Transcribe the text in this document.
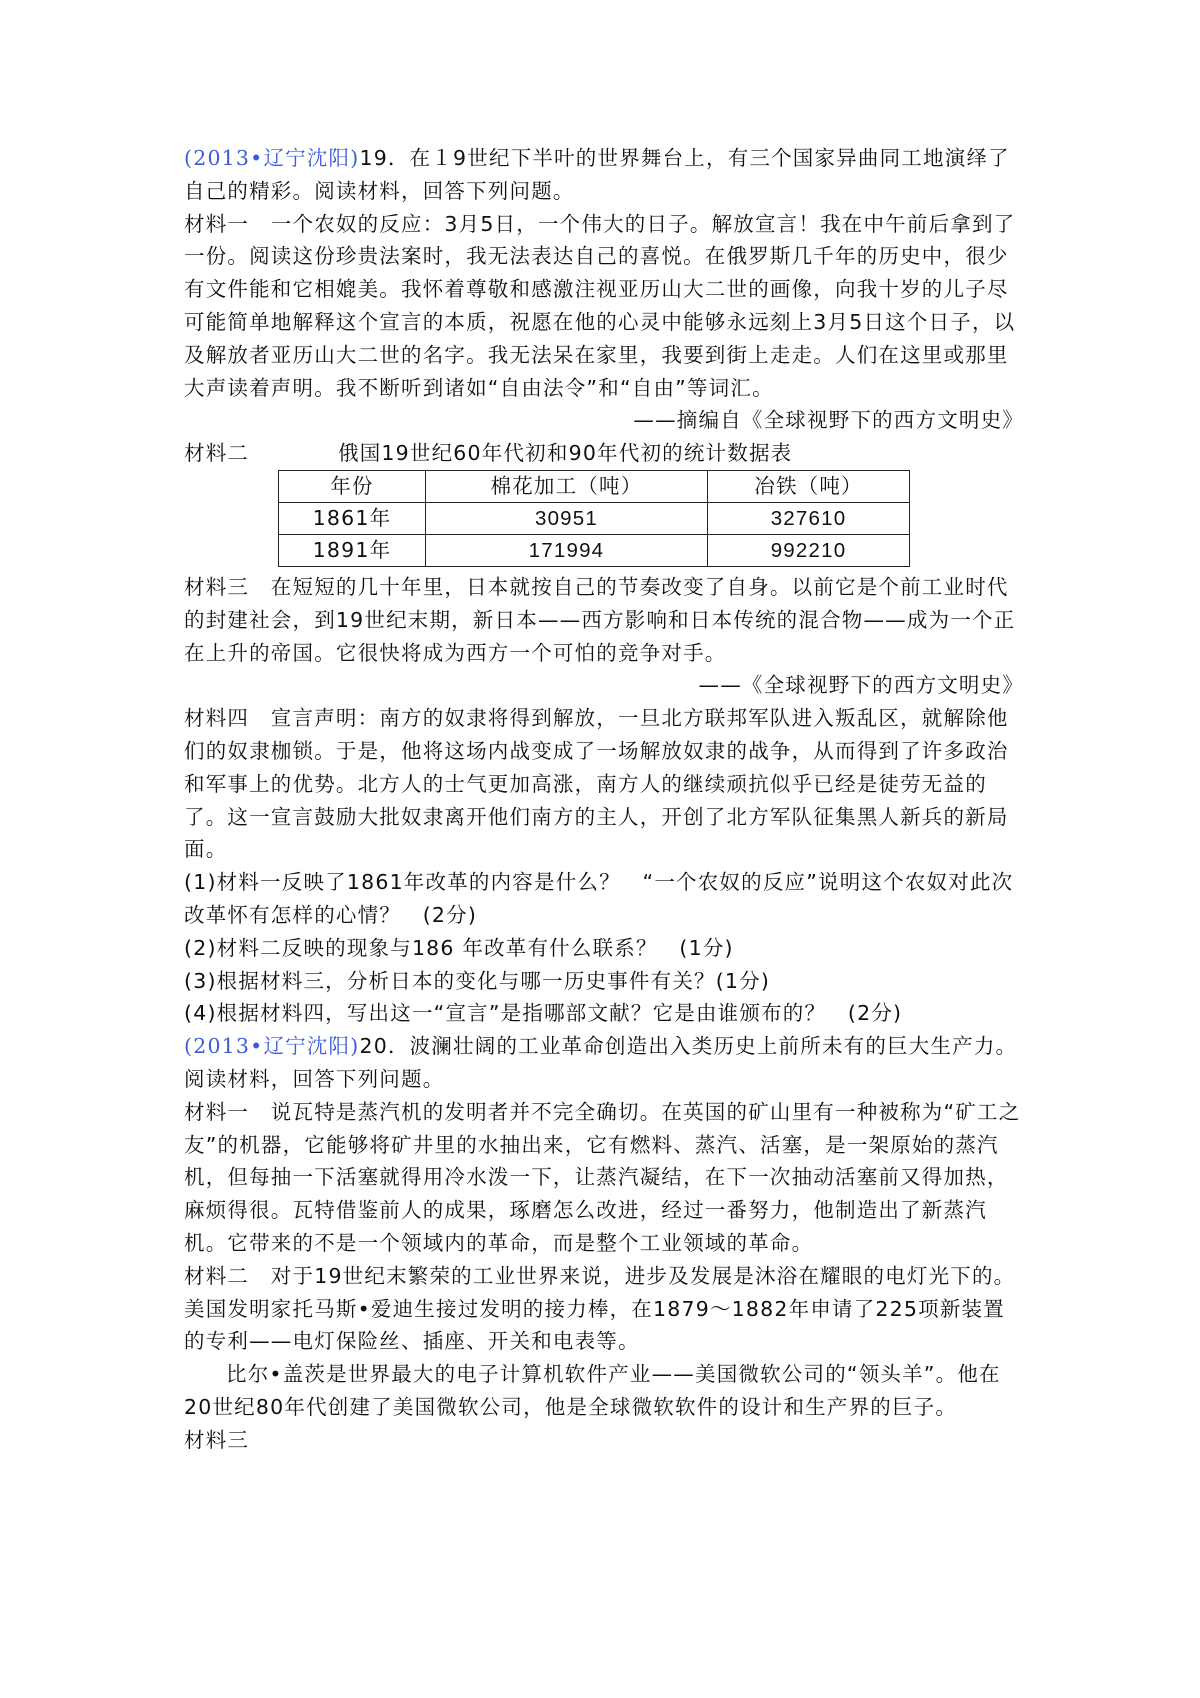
(2013•辽宁沈阳)19．在１9世纪下半叶的世界舞台上，有三个国家异曲同工地演绎了自己的精彩。阅读材料，回答下列问题。

材料一　一个农奴的反应：3月5日，一个伟大的日子。解放宣言！我在中午前后拿到了一份。阅读这份珍贵法案时，我无法表达自己的喜悦。在俄罗斯几千年的历史中，很少有文件能和它相媲美。我怀着尊敬和感激注视亚历山大二世的画像，向我十岁的儿子尽可能简单地解释这个宣言的本质，祝愿在他的心灵中能够永远刻上3月5日这个日子，以及解放者亚历山大二世的名字。我无法呆在家里，我要到街上走走。人们在这里或那里大声读着声明。我不断听到诸如“自由法令”和“自由”等词汇。

——摘编自《全球视野下的西方文明史》

材料二	俄国19世纪60年代初和90年代初的统计数据表
年份	棉花加工（吨）	冶铁（吨）
1861年	30951	327610
1891年	171994	992210

材料三　在短短的几十年里，日本就按自己的节奏改变了自身。以前它是个前工业时代的封建社会，到19世纪末期，新日本——西方影响和日本传统的混合物——成为一个正在上升的帝国。它很快将成为西方一个可怕的竞争对手。

——《全球视野下的西方文明史》

材料四　宣言声明：南方的奴隶将得到解放，一旦北方联邦军队进入叛乱区，就解除他们的奴隶枷锁。于是，他将这场内战变成了一场解放奴隶的战争，从而得到了许多政治和军事上的优势。北方人的士气更加高涨，南方人的继续顽抗似乎已经是徒劳无益的了。这一宣言鼓励大批奴隶离开他们南方的主人，开创了北方军队征集黑人新兵的新局面。

(1)材料一反映了1861年改革的内容是什么？　“一个农奴的反应”说明这个农奴对此次改革怀有怎样的心情？　(2分)

(2)材料二反映的现象与186 年改革有什么联系？　(1分)

(3)根据材料三，分析日本的变化与哪一历史事件有关？(1分)

(4)根据材料四，写出这一“宣言”是指哪部文献？它是由谁颁布的？　(2分)

(2013•辽宁沈阳)20．波澜壮阔的工业革命创造出入类历史上前所未有的巨大生产力。阅读材料，回答下列问题。

材料一　说瓦特是蒸汽机的发明者并不完全确切。在英国的矿山里有一种被称为“矿工之友”的机器，它能够将矿井里的水抽出来，它有燃料、蒸汽、活塞，是一架原始的蒸汽机，但每抽一下活塞就得用冷水泼一下，让蒸汽凝结，在下一次抽动活塞前又得加热，麻烦得很。瓦特借鉴前人的成果，琢磨怎么改进，经过一番努力，他制造出了新蒸汽机。它带来的不是一个领域内的革命，而是整个工业领域的革命。

材料二　对于19世纪末繁荣的工业世界来说，进步及发展是沐浴在耀眼的电灯光下的。美国发明家托马斯•爱迪生接过发明的接力棒，在1879～1882年申请了225项新装置的专利——电灯保险丝、插座、开关和电表等。

比尔•盖茨是世界最大的电子计算机软件产业——美国微软公司的“领头羊”。他在20世纪80年代创建了美国微软公司，他是全球微软软件的设计和生产界的巨子。

材料三
